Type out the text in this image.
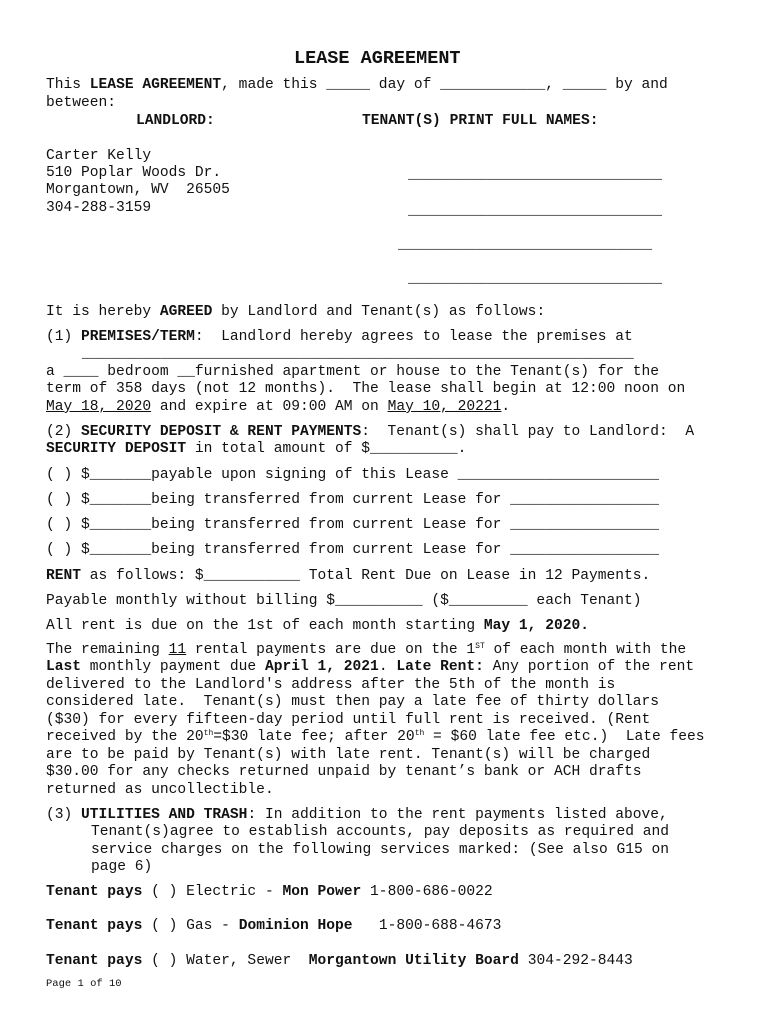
LEASE AGREEMENT
This LEASE AGREEMENT, made this _____ day of ____________, _____ by and
between:
LANDLORD:	TENANT(S) PRINT FULL NAMES:
Carter Kelly
510 Poplar Woods Dr.
Morgantown, WV  26505
304-288-3159
_____________________________
_____________________________
_____________________________
_____________________________
It is hereby AGREED by Landlord and Tenant(s) as follows:
(1) PREMISES/TERM:  Landlord hereby agrees to lease the premises at
_______________________________________________________________
a ____ bedroom __furnished apartment or house to the Tenant(s) for the
term of 358 days (not 12 months).  The lease shall begin at 12:00 noon on
May 18, 2020 and expire at 09:00 AM on May 10, 20221.
(2) SECURITY DEPOSIT & RENT PAYMENTS:  Tenant(s) shall pay to Landlord:  A
SECURITY DEPOSIT in total amount of $__________.
( ) $_______payable upon signing of this Lease _______________________
( ) $_______being transferred from current Lease for _________________
( ) $_______being transferred from current Lease for _________________
( ) $_______being transferred from current Lease for _________________
RENT as follows: $___________ Total Rent Due on Lease in 12 Payments.
Payable monthly without billing $__________ ($_________ each Tenant)
All rent is due on the 1st of each month starting May 1, 2020.
The remaining 11 rental payments are due on the 1ST of each month with the
Last monthly payment due April 1, 2021. Late Rent: Any portion of the rent
delivered to the Landlord's address after the 5th of the month is
considered late.  Tenant(s) must then pay a late fee of thirty dollars
($30) for every fifteen-day period until full rent is received. (Rent
received by the 20th=$30 late fee; after 20th = $60 late fee etc.)  Late fees
are to be paid by Tenant(s) with late rent. Tenant(s) will be charged
$30.00 for any checks returned unpaid by tenant’s bank or ACH drafts
returned as uncollectible.
(3) UTILITIES AND TRASH: In addition to the rent payments listed above,
Tenant(s)agree to establish accounts, pay deposits as required and
service charges on the following services marked: (See also G15 on
page 6)
Tenant pays ( ) Electric - Mon Power 1-800-686-0022
Tenant pays ( ) Gas - Dominion Hope   1-800-688-4673
Tenant pays ( ) Water, Sewer  Morgantown Utility Board 304-292-8443
Page 1 of 10
